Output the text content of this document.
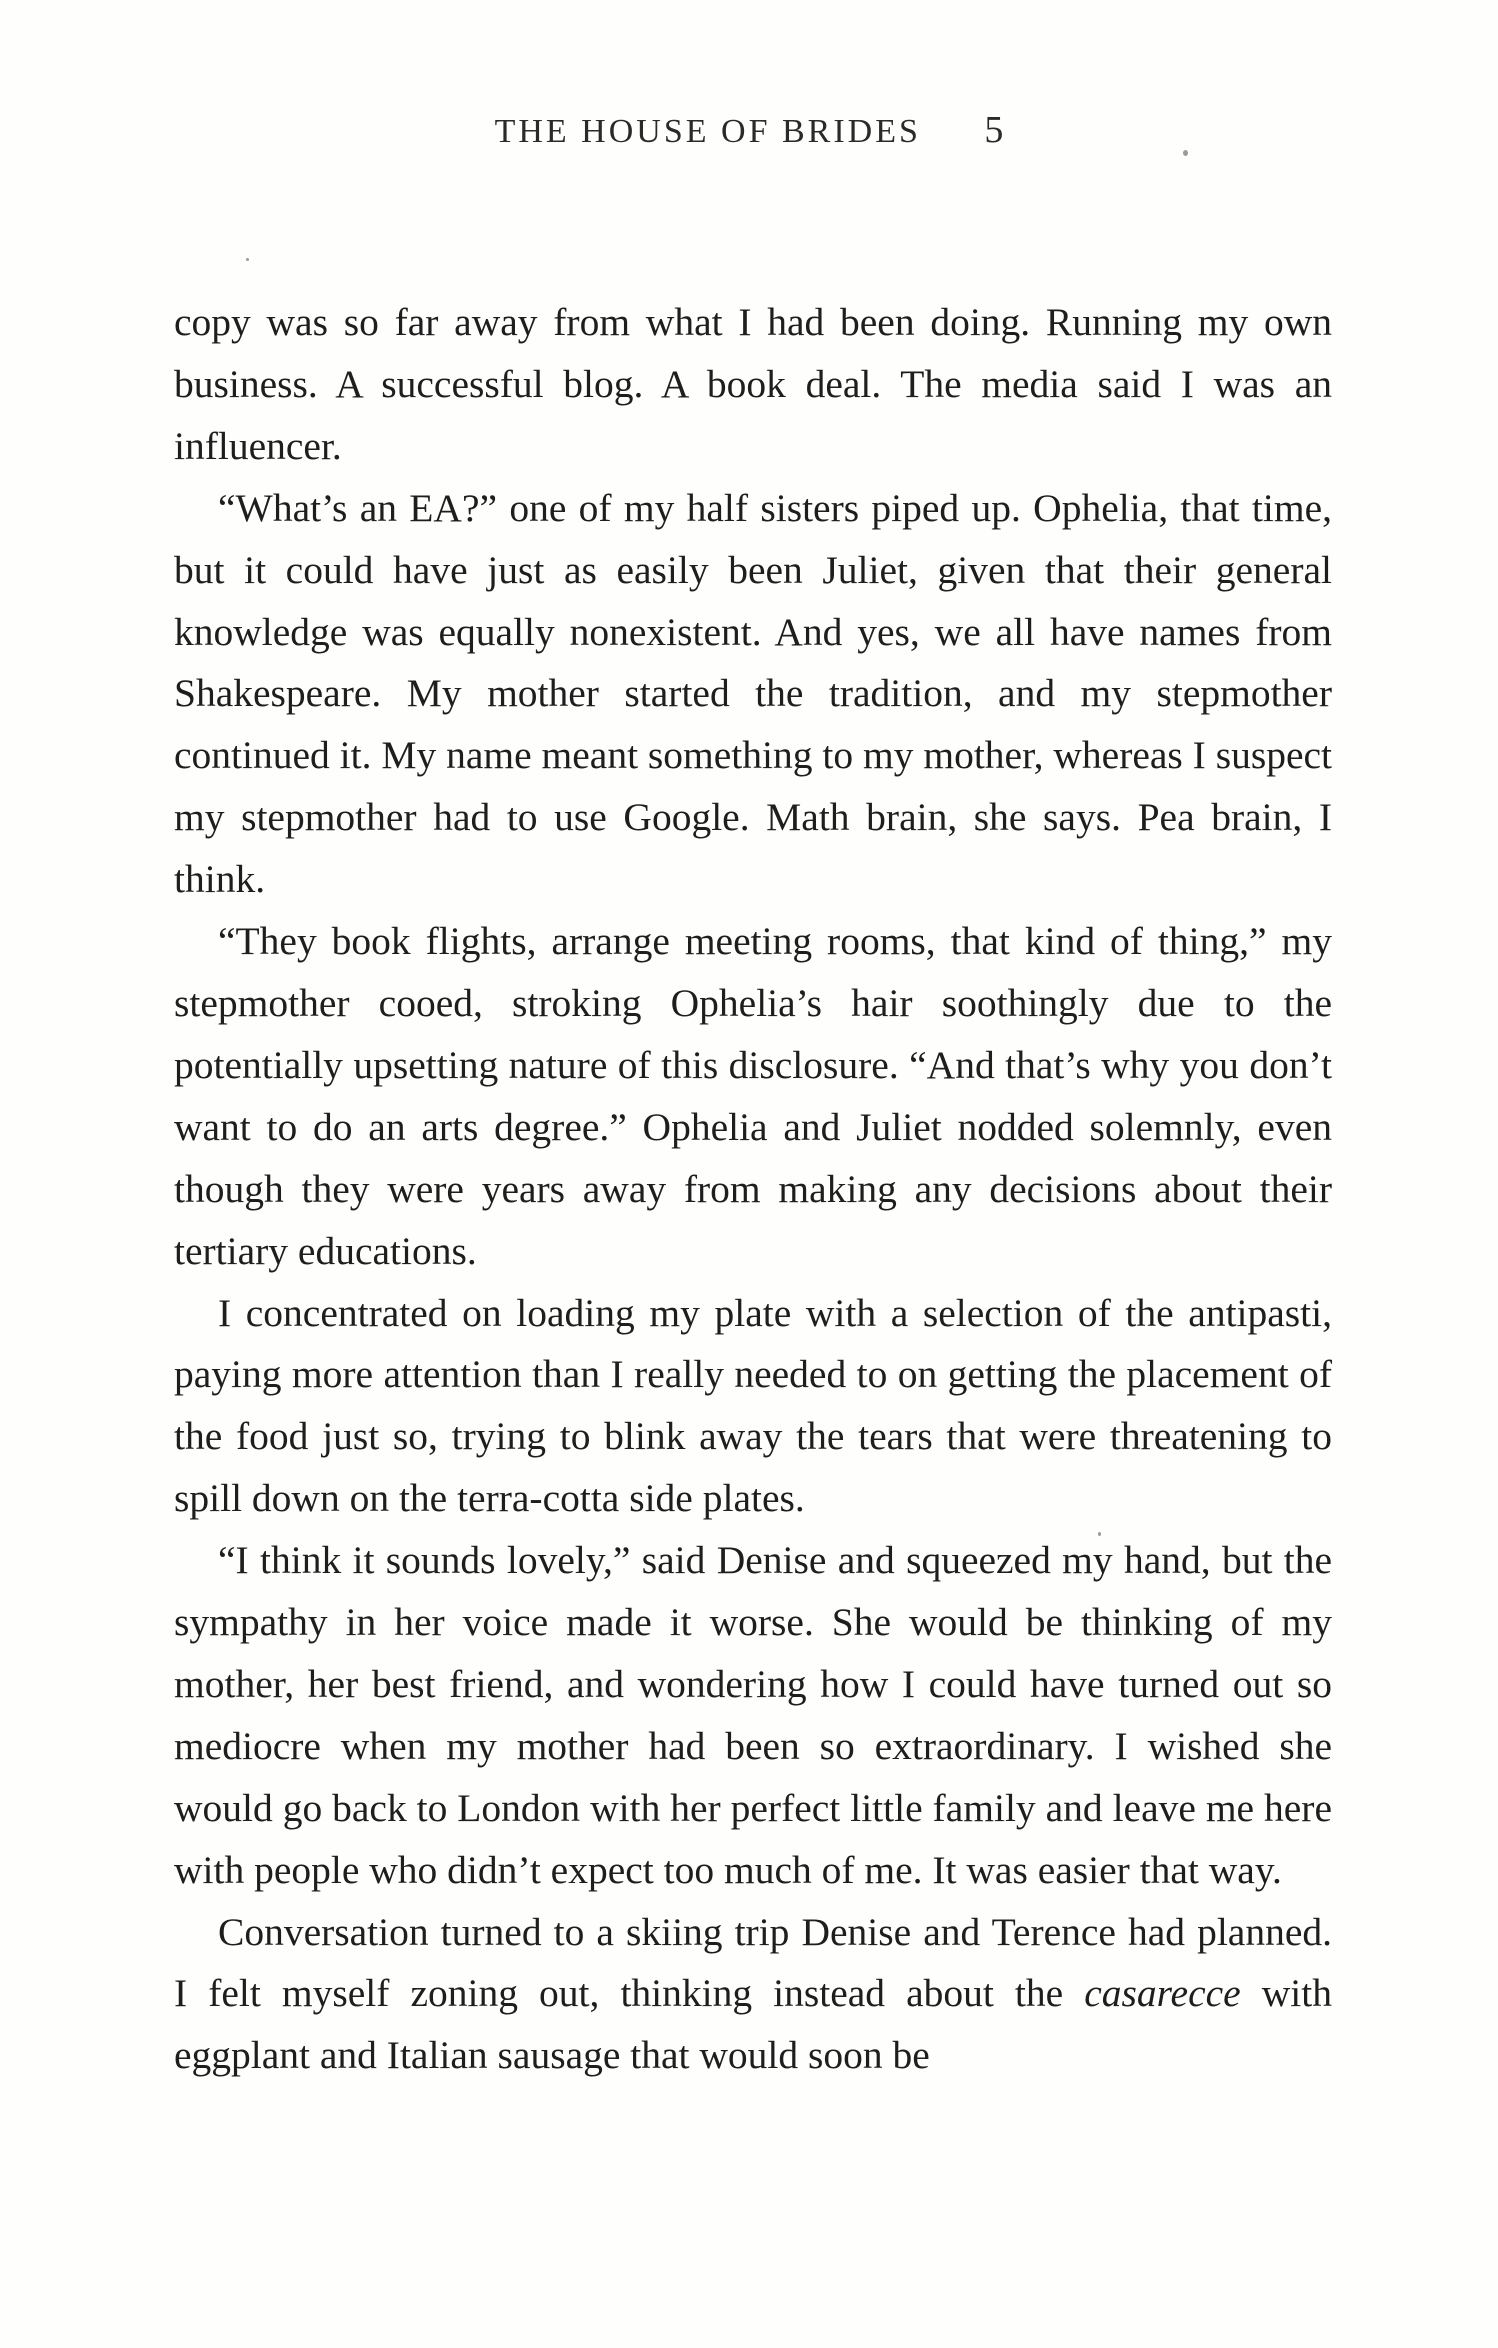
THE HOUSE OF BRIDES 5

copy was so far away from what I had been doing. Running my own business. A successful blog. A book deal. The media said I was an influencer.

“What’s an EA?” one of my half sisters piped up. Ophelia, that time, but it could have just as easily been Juliet, given that their general knowledge was equally nonexistent. And yes, we all have names from Shakespeare. My mother started the tradition, and my stepmother continued it. My name meant something to my mother, whereas I suspect my stepmother had to use Google. Math brain, she says. Pea brain, I think.

“They book flights, arrange meeting rooms, that kind of thing,” my stepmother cooed, stroking Ophelia’s hair soothingly due to the potentially upsetting nature of this disclosure. “And that’s why you don’t want to do an arts degree.” Ophelia and Juliet nodded solemnly, even though they were years away from making any decisions about their tertiary educations.

I concentrated on loading my plate with a selection of the antipasti, paying more attention than I really needed to on getting the placement of the food just so, trying to blink away the tears that were threatening to spill down on the terra-cotta side plates.

“I think it sounds lovely,” said Denise and squeezed my hand, but the sympathy in her voice made it worse. She would be thinking of my mother, her best friend, and wondering how I could have turned out so mediocre when my mother had been so extraordinary. I wished she would go back to London with her perfect little family and leave me here with people who didn’t expect too much of me. It was easier that way.

Conversation turned to a skiing trip Denise and Terence had planned. I felt myself zoning out, thinking instead about the casarecce with eggplant and Italian sausage that would soon be
